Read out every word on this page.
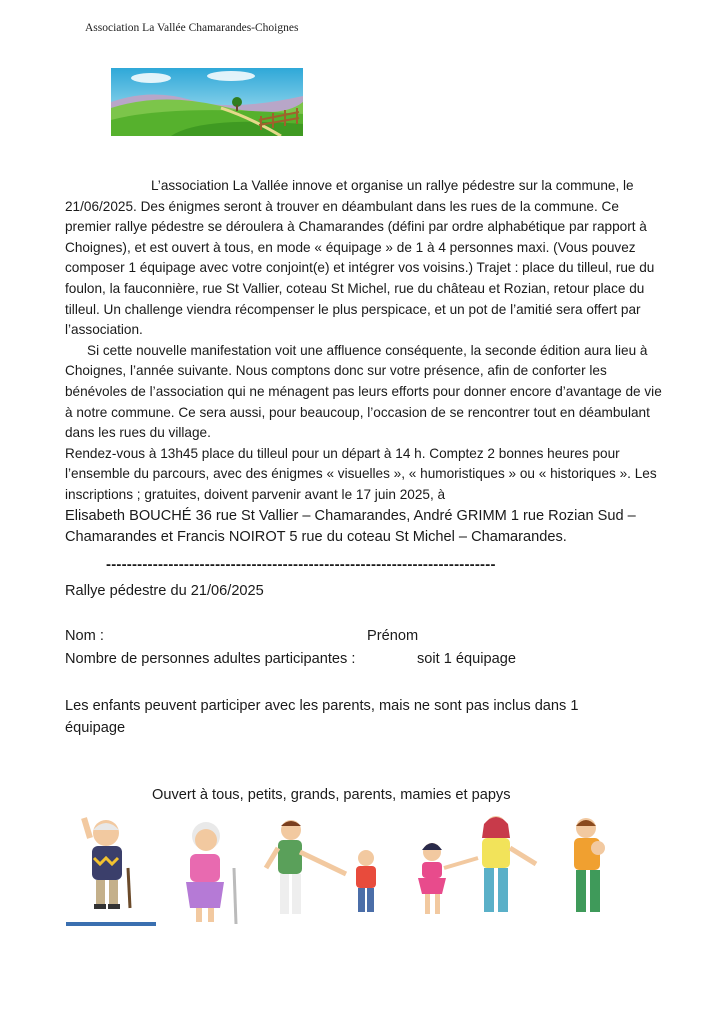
Association La Vallée Chamarandes-Choignes

L’association La Vallée innove et organise un rallye pédestre sur la commune, le 21/06/2025. Des énigmes seront à trouver en déambulant dans les rues de la commune. Ce premier rallye pédestre se déroulera à Chamarandes (défini par ordre alphabétique par rapport à Choignes), et est ouvert à tous, en mode « équipage » de 1 à 4 personnes maxi. (Vous pouvez composer 1 équipage avec votre conjoint(e) et intégrer vos voisins.) Trajet : place du tilleul, rue du foulon, la fauconnière, rue St Vallier, coteau St Michel, rue du château et Rozian, retour place du tilleul. Un challenge viendra récompenser le plus perspicace, et un pot de l’amitié sera offert par l’association.

Si cette nouvelle manifestation voit une affluence conséquente, la seconde édition aura lieu à Choignes, l’année suivante. Nous comptons donc sur votre présence, afin de conforter les bénévoles de l’association qui ne ménagent pas leurs efforts pour donner encore d’avantage de vie à notre commune. Ce sera aussi, pour beaucoup, l’occasion de se rencontrer tout en déambulant dans les rues du village.

Rendez-vous à 13h45 place du tilleul pour un départ à 14 h. Comptez 2 bonnes heures pour l’ensemble du parcours, avec des énigmes « visuelles », « humoristiques » ou « historiques ». Les inscriptions ; gratuites, doivent parvenir avant le 17 juin 2025, à

Elisabeth BOUCHÉ 36 rue St Vallier – Chamarandes, André GRIMM 1 rue Rozian Sud – Chamarandes et Francis NOIROT 5 rue du coteau St Michel – Chamarandes.

---------------------------------------------------------------------------
Rallye pédestre du 21/06/2025
Nom :	Prénom
Nombre de personnes adultes participantes :	soit 1 équipage
Les enfants peuvent participer avec les parents, mais ne sont pas inclus dans 1 équipage
Ouvert à tous, petits, grands, parents, mamies et papys
